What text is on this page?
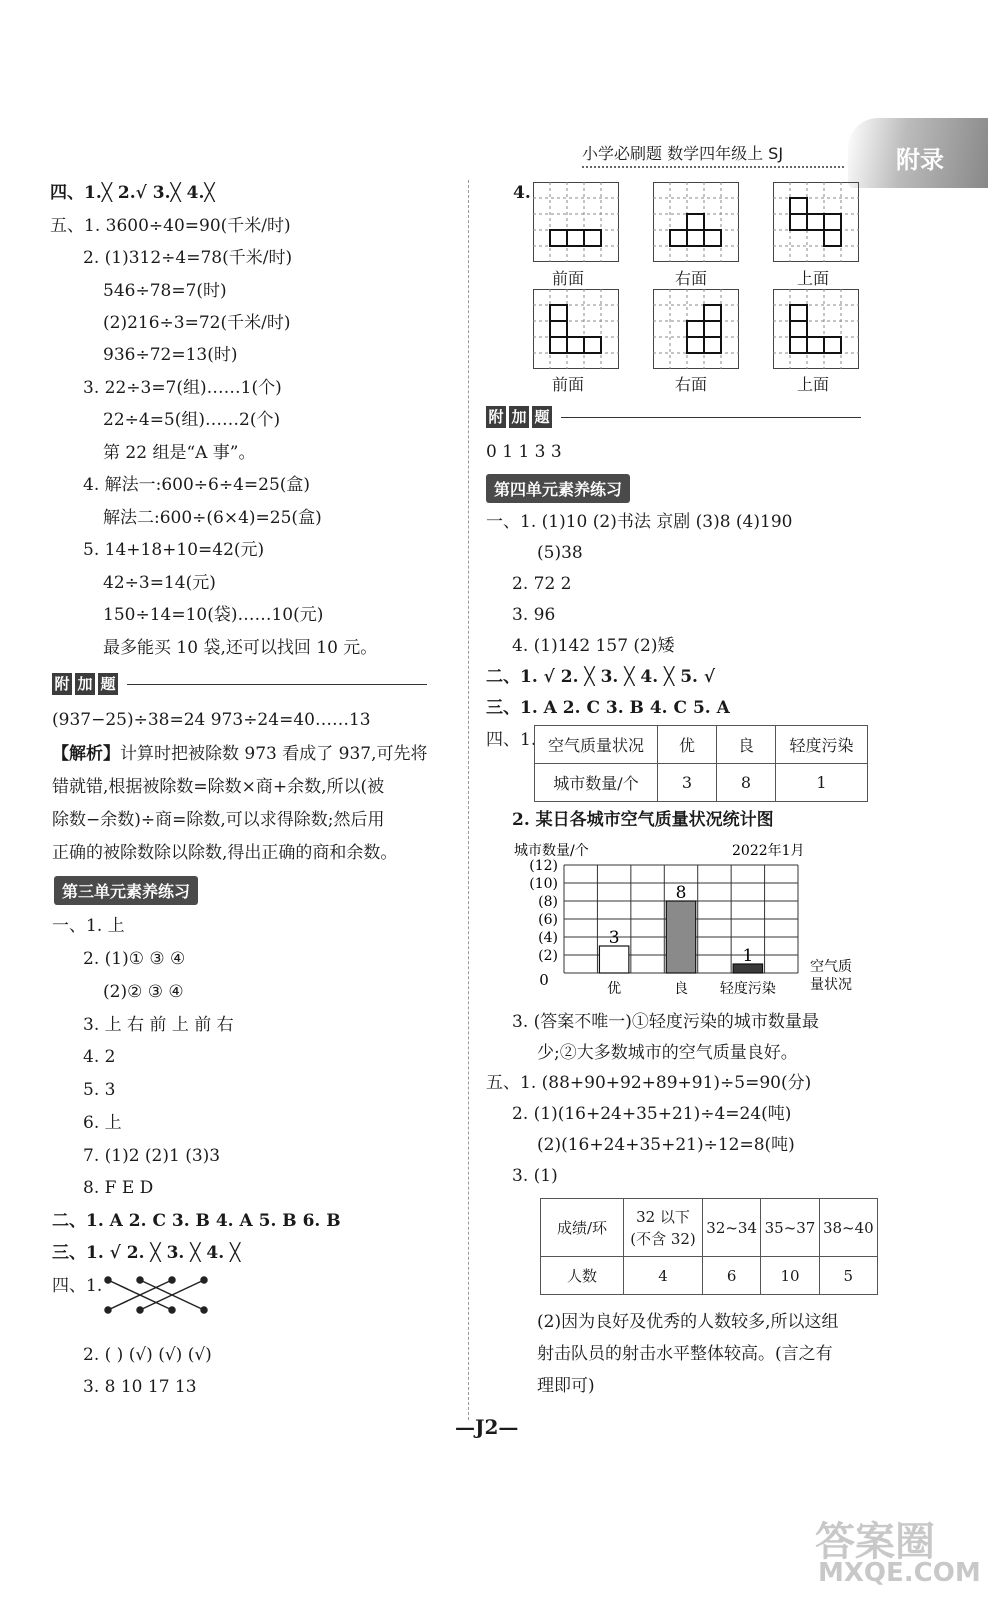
小学必刷题 数学四年级上 SJ	附录
四、1.╳ 2.√ 3.╳ 4.╳
五、1. 3600÷40=90(千米/时)
2. (1)312÷4=78(千米/时)
546÷78=7(时)
(2)216÷3=72(千米/时)
936÷72=13(时)
3. 22÷3=7(组)……1(个)
22÷4=5(组)……2(个)
第 22 组是“A 事”。
4. 解法一:600÷6÷4=25(盒)
解法二:600÷(6×4)=25(盒)
5. 14+18+10=42(元)
42÷3=14(元)
150÷14=10(袋)……10(元)
最多能买 10 袋,还可以找回 10 元。
附 加 题
(937−25)÷38=24 973÷24=40……13
【解析】计算时把被除数 973 看成了 937,可先将
错就错,根据被除数=除数×商+余数,所以(被
除数−余数)÷商=除数,可以求得除数;然后用
正确的被除数除以除数,得出正确的商和余数。
第三单元素养练习
一、1. 上
2. (1)① ③ ④
(2)② ③ ④
3. 上 右 前 上 前 右
4. 2
5. 3
6. 上
7. (1)2 (2)1 (3)3
8. F E D
二、1. A 2. C 3. B 4. A 5. B 6. B
三、1. √ 2. ╳ 3. ╳ 4. ╳
四、1.
2. ( ) (√) (√) (√)
3. 8 10 17 13
4.
前面	右面	上面
前面	右面	上面
附 加 题
0 1 1 3 3
第四单元素养练习
一、1. (1)10 (2)书法 京剧 (3)8 (4)190
(5)38
2. 72 2
3. 96
4. (1)142 157 (2)矮
二、1. √ 2. ╳ 3. ╳ 4. ╳ 5. √
三、1. A 2. C 3. B 4. C 5. A
四、1. 空气质量状况	优	良	轻度污染
城市数量/个	3	8	1
2. 某日各城市空气质量状况统计图
(12)
(10)
(8)
(6)
(4)
(2)
0
城市数量/个	2022年1月
3
优
8
良
1
轻度污染
空气质
量状况
3. (答案不唯一)①轻度污染的城市数量最
少;②大多数城市的空气质量良好。
五、1. (88+90+92+89+91)÷5=90(分)
2. (1)(16+24+35+21)÷4=24(吨)
(2)(16+24+35+21)÷12=8(吨)
3. (1)
成绩/环	32 以下
(不含 32)	32~34	35~37	38~40
人数	4	6	10	5
(2)因为良好及优秀的人数较多,所以这组
射击队员的射击水平整体较高。(言之有
理即可)
—J2—
答案圈
MXQE.COM
